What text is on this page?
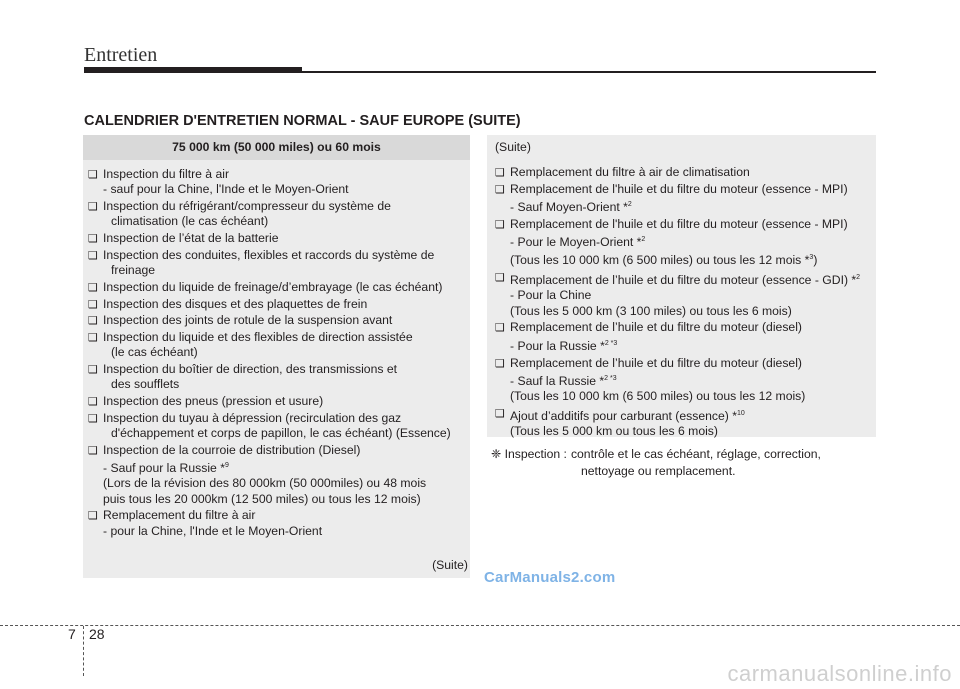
Entretien
CALENDRIER D'ENTRETIEN NORMAL - SAUF EUROPE (SUITE)
75 000 km (50 000 miles) ou 60 mois
❑ Inspection du filtre à air
- sauf pour la Chine, l'Inde et le Moyen-Orient
❑ Inspection du réfrigérant/compresseur du système de
climatisation (le cas échéant)
❑ Inspection de l’état de la batterie
❑ Inspection des conduites, flexibles et raccords du système de
freinage
❑ Inspection du liquide de freinage/d’embrayage (le cas échéant)
❑ Inspection des disques et des plaquettes de frein
❑ Inspection des joints de rotule de la suspension avant
❑ Inspection du liquide et des flexibles de direction assistée
(le cas échéant)
❑ Inspection du boîtier de direction, des transmissions et
des soufflets
❑ Inspection des pneus (pression et usure)
❑ Inspection du tuyau à dépression (recirculation des gaz
d'échappement et corps de papillon, le cas échéant) (Essence)
❑ Inspection de la courroie de distribution (Diesel)
- Sauf pour la Russie *$^9$
(Lors de la révision des 80 000km (50 000miles) ou 48 mois
puis tous les 20 000km (12 500 miles) ou tous les 12 mois)
❑ Remplacement du filtre à air
- pour la Chine, l'Inde et le Moyen-Orient
(Suite)
(Suite)
❑ Remplacement du filtre à air de climatisation
❑ Remplacement de l'huile et du filtre du moteur (essence - MPI)
- Sauf Moyen-Orient *$^2$
❑ Remplacement de l'huile et du filtre du moteur (essence - MPI)
- Pour le Moyen-Orient *$^2$
(Tous les 10 000 km (6 500 miles) ou tous les 12 mois *$^3$)
❑ Remplacement de l’huile et du filtre du moteur (essence - GDI) *$^2$
- Pour la Chine
(Tous les 5 000 km (3 100 miles) ou tous les 6 mois)
❑ Remplacement de l’huile et du filtre du moteur (diesel)
- Pour la Russie *$^{2 *3}$
❑ Remplacement de l’huile et du filtre du moteur (diesel)
- Sauf la Russie *$^{2 *3}$
(Tous les 10 000 km (6 500 miles) ou tous les 12 mois)
❑ Ajout d’additifs pour carburant (essence) *$^{10}$
(Tous les 5 000 km ou tous les 6 mois)
❈ Inspection : contrôle et le cas échéant, réglage, correction,
nettoyage ou remplacement.
CarManuals2.com
7 28
carmanualsonline.info
